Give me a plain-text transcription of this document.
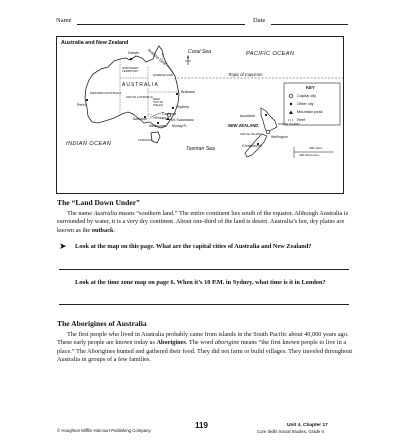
Name	Date
Australia and New Zealand
Darwin Arafura Sea	Coral Sea	PACIFIC OCEAN
Tropic of Capricorn
NORTHERN TERRITORY
QUEENSLAND
AUSTRALIA
WESTERN AUSTRALIA
SOUTH AUSTRALIA
Brisbane
NEW SOUTH WALES
Sydney
Canberra
Perth
Adelaide VICTORIA
Melbourne
Mt. Kosciuszko
Murray R.
INDIAN OCEAN
TASMANIA
Tasman Sea
Auckland
NEW ZEALAND	NORTH ISLAND
SOUTH ISLAND
Wellington
Christchurch
KEY
Capital city
Other city
Mountain peak
Reef
400 miles
400 kilometers
The “Land Down Under”
The name Australia means “southern land.” The entire continent lies south of the equator. Although Australia is surrounded by water, it is a very dry continent. About one-third of the land is desert. Australia’s hot, dry plains are known as the outback.
➤ Look at the map on this page. What are the capital cities of Australia and New Zealand?
Look at the time zone map on page 6. When it’s 10 P.M. in Sydney, what time is it in London?
The Aborigines of Australia
The first people who lived in Australia probably came from islands in the South Pacific about 40,000 years ago. These early people are known today as Aborigines. The word aborigine means “the first known people to live in a place.” The Aborigines hunted and gathered their food. They did not farm or build villages. They traveled throughout Australia in groups of a few families.
© Houghton Mifflin Harcourt Publishing Company
119	Unit 4, Chapter 17
Core Skills Social Studies, Grade 6
